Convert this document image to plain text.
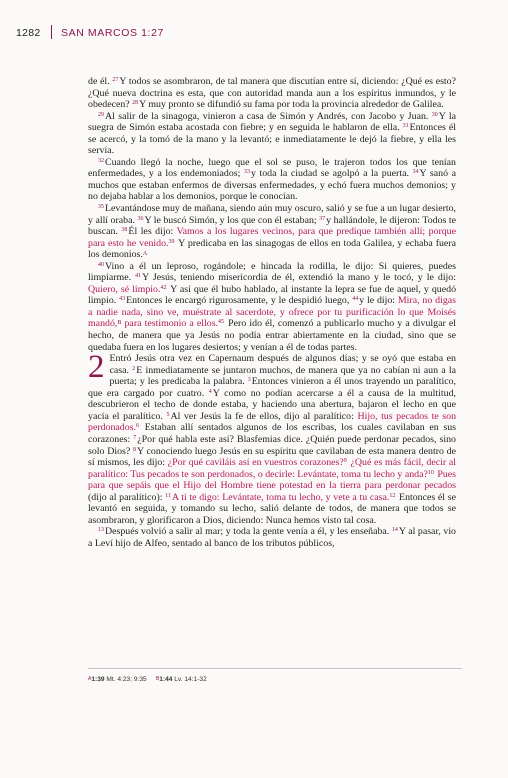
1282 SAN MARCOS 1:27

de él. $^{27}$Y todos se asombraron, de tal manera que discutían entre sí, diciendo: ¿Qué es esto? ¿Qué nueva doctrina es esta, que con autoridad manda aun a los espíritus inmundos, y le obedecen? $^{28}$Y muy pronto se difundió su fama por toda la provincia alrededor de Galilea.

$^{29}$Al salir de la sinagoga, vinieron a casa de Simón y Andrés, con Jacobo y Juan. $^{30}$Y la suegra de Simón estaba acostada con fiebre; y en seguida le hablaron de ella. $^{31}$Entonces él se acercó, y la tomó de la mano y la levantó; e inmediatamente le dejó la fiebre, y ella les servía.

$^{32}$Cuando llegó la noche, luego que el sol se puso, le trajeron todos los que tenían enfermedades, y a los endemoniados; $^{33}$y toda la ciudad se agolpó a la puerta. $^{34}$Y sanó a muchos que estaban enfermos de diversas enfermedades, y echó fuera muchos demonios; y no dejaba hablar a los demonios, porque le conocían.

$^{35}$Levantándose muy de mañana, siendo aún muy oscuro, salió y se fue a un lugar desierto, y allí oraba. $^{36}$Y le buscó Simón, y los que con él estaban; $^{37}$y hallándole, le dijeron: Todos te buscan. $^{38}$Él les dijo: Vamos a los lugares vecinos, para que predique también allí; porque para esto he venido.$^{39}$ Y predicaba en las sinagogas de ellos en toda Galilea, y echaba fuera los demonios.$^A$

$^{40}$Vino a él un leproso, rogándole; e hincada la rodilla, le dijo: Si quieres, puedes limpiarme. $^{41}$Y Jesús, teniendo misericordia de él, extendió la mano y le tocó, y le dijo: Quiero, sé limpio.$^{42}$ Y así que él hubo hablado, al instante la lepra se fue de aquel, y quedó limpio. $^{43}$Entonces le encargó rigurosamente, y le despidió luego, $^{44}$y le dijo: Mira, no digas a nadie nada, sino ve, muéstrate al sacerdote, y ofrece por tu purificación lo que Moisés mandó,$^B$ para testimonio a ellos.$^{45}$ Pero ido él, comenzó a publicarlo mucho y a divulgar el hecho, de manera que ya Jesús no podía entrar abiertamente en la ciudad, sino que se quedaba fuera en los lugares desiertos; y venían a él de todas partes.

2 Entró Jesús otra vez en Capernaum después de algunos días; y se oyó que estaba en casa. $^2$E inmediatamente se juntaron muchos, de manera que ya no cabían ni aun a la puerta; y les predicaba la palabra. $^3$Entonces vinieron a él unos trayendo un paralítico, que era cargado por cuatro. $^4$Y como no podían acercarse a él a causa de la multitud, descubrieron el techo de donde estaba, y haciendo una abertura, bajaron el lecho en que yacía el paralítico. $^5$Al ver Jesús la fe de ellos, dijo al paralítico: Hijo, tus pecados te son perdonados.$^6$ Estaban allí sentados algunos de los escribas, los cuales cavilaban en sus corazones: $^7$¿Por qué habla este así? Blasfemias dice. ¿Quién puede perdonar pecados, sino solo Dios? $^8$Y conociendo luego Jesús en su espíritu que cavilaban de esta manera dentro de sí mismos, les dijo: ¿Por qué caviláis así en vuestros corazones?$^9$ ¿Qué es más fácil, decir al paralítico: Tus pecados te son perdonados, o decirle: Levántate, toma tu lecho y anda?$^{10}$ Pues para que sepáis que el Hijo del Hombre tiene potestad en la tierra para perdonar pecados (dijo al paralítico): $^{11}$A ti te digo: Levántate, toma tu lecho, y vete a tu casa.$^{12}$ Entonces él se levantó en seguida, y tomando su lecho, salió delante de todos, de manera que todos se asombraron, y glorificaron a Dios, diciendo: Nunca hemos visto tal cosa.

$^{13}$Después volvió a salir al mar; y toda la gente venía a él, y les enseñaba. $^{14}$Y al pasar, vio a Leví hijo de Alfeo, sentado al banco de los tributos públicos,

$^A$1:39 Mt. 4:23; 9:35 $^B$1:44 Lv. 14:1-32
